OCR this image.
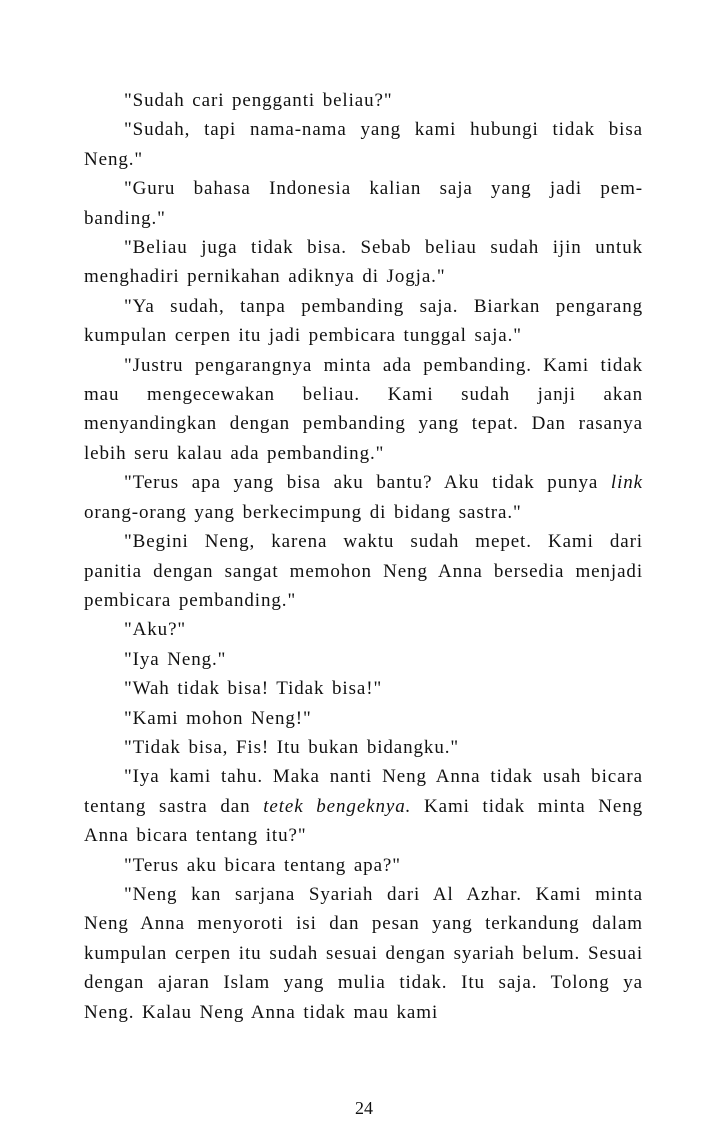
"Sudah cari pengganti beliau?"

"Sudah, tapi nama-nama yang kami hubungi tidak bisa Neng."

"Guru bahasa Indonesia kalian saja yang jadi pem-banding."

"Beliau juga tidak bisa. Sebab beliau sudah ijin untuk menghadiri pernikahan adiknya di Jogja."

"Ya sudah, tanpa pembanding saja. Biarkan pengarang kumpulan cerpen itu jadi pembicara tunggal saja."

"Justru pengarangnya minta ada pembanding. Kami tidak mau mengecewakan beliau. Kami sudah janji akan menyandingkan dengan pembanding yang tepat. Dan rasanya lebih seru kalau ada pembanding."

"Terus apa yang bisa aku bantu? Aku tidak punya link orang-orang yang berkecimpung di bidang sastra."

"Begini Neng, karena waktu sudah mepet. Kami dari panitia dengan sangat memohon Neng Anna bersedia menjadi pembicara pembanding."

"Aku?"

"Iya Neng."

"Wah tidak bisa! Tidak bisa!"

"Kami mohon Neng!"

"Tidak bisa, Fis! Itu bukan bidangku."

"Iya kami tahu. Maka nanti Neng Anna tidak usah bicara tentang sastra dan tetek bengeknya. Kami tidak minta Neng Anna bicara tentang itu?"

"Terus aku bicara tentang apa?"

"Neng kan sarjana Syariah dari Al Azhar. Kami minta Neng Anna menyoroti isi dan pesan yang terkandung dalam kumpulan cerpen itu sudah sesuai dengan syariah belum. Sesuai dengan ajaran Islam yang mulia tidak. Itu saja. Tolong ya Neng. Kalau Neng Anna tidak mau kami

24
